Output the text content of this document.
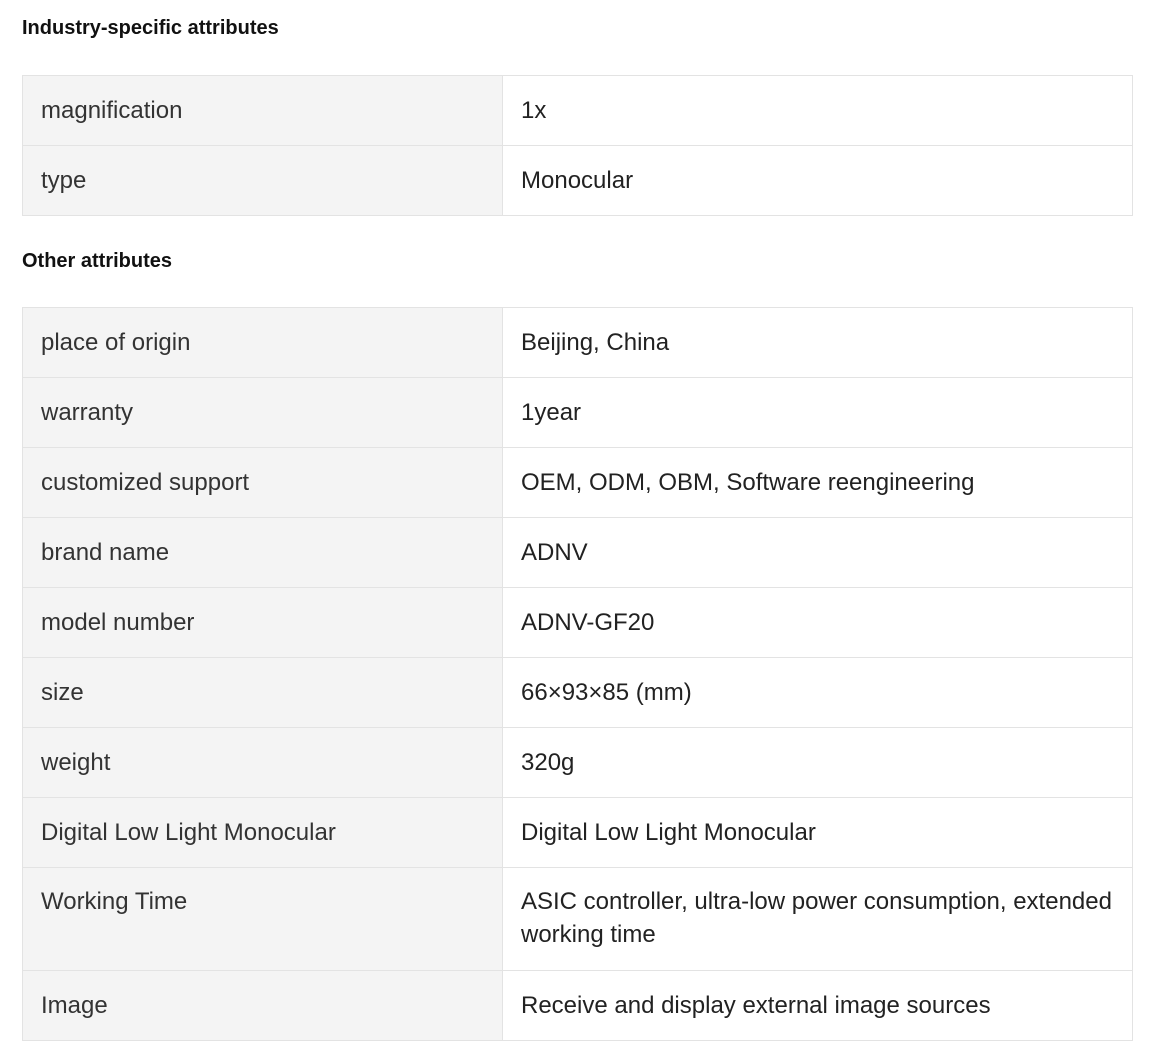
Industry-specific attributes
magnification	1x
type	Monocular
Other attributes
place of origin	Beijing, China
warranty	1year
customized support	OEM, ODM, OBM, Software reengineering
brand name	ADNV
model number	ADNV-GF20
size	66×93×85 (mm)
weight	320g
Digital Low Light Monocular	Digital Low Light Monocular
Working Time	ASIC controller, ultra-low power consumption, extended working time
Image	Receive and display external image sources
